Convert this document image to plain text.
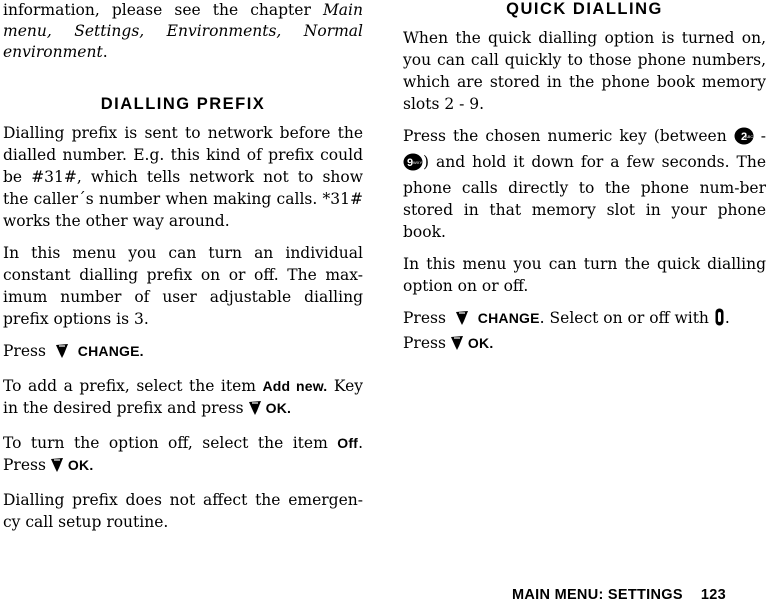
information, please see the chapter Main menu, Settings, Environments, Normal environment.

DIALLING PREFIX

Dialling prefix is sent to network before the dialled number. E.g. this kind of prefix could be #31#, which tells network not to show the caller´s number when making calls. *31# works the other way around.

In this menu you can turn an individual constant dialling prefix on or off. The max-imum number of user adjustable dialling prefix options is 3.

Press CHANGE.

To add a prefix, select the item Add new. Key in the desired prefix and press OK.

To turn the option off, select the item Off. Press OK.

Dialling prefix does not affect the emergen-cy call setup routine.

QUICK DIALLING

When the quick dialling option is turned on, you can call quickly to those phone numbers, which are stored in the phone book memory slots 2 - 9.

Press the chosen numeric key (between 2
ABC -
9 WXYZ
) and hold it down for a few seconds. The phone calls directly to the phone num-ber stored in that memory slot in your phone book.

In this menu you can turn the quick dialling option on or off.

Press CHANGE. Select on or off with .
Press OK.

MAIN MENU: SETTINGS 123
